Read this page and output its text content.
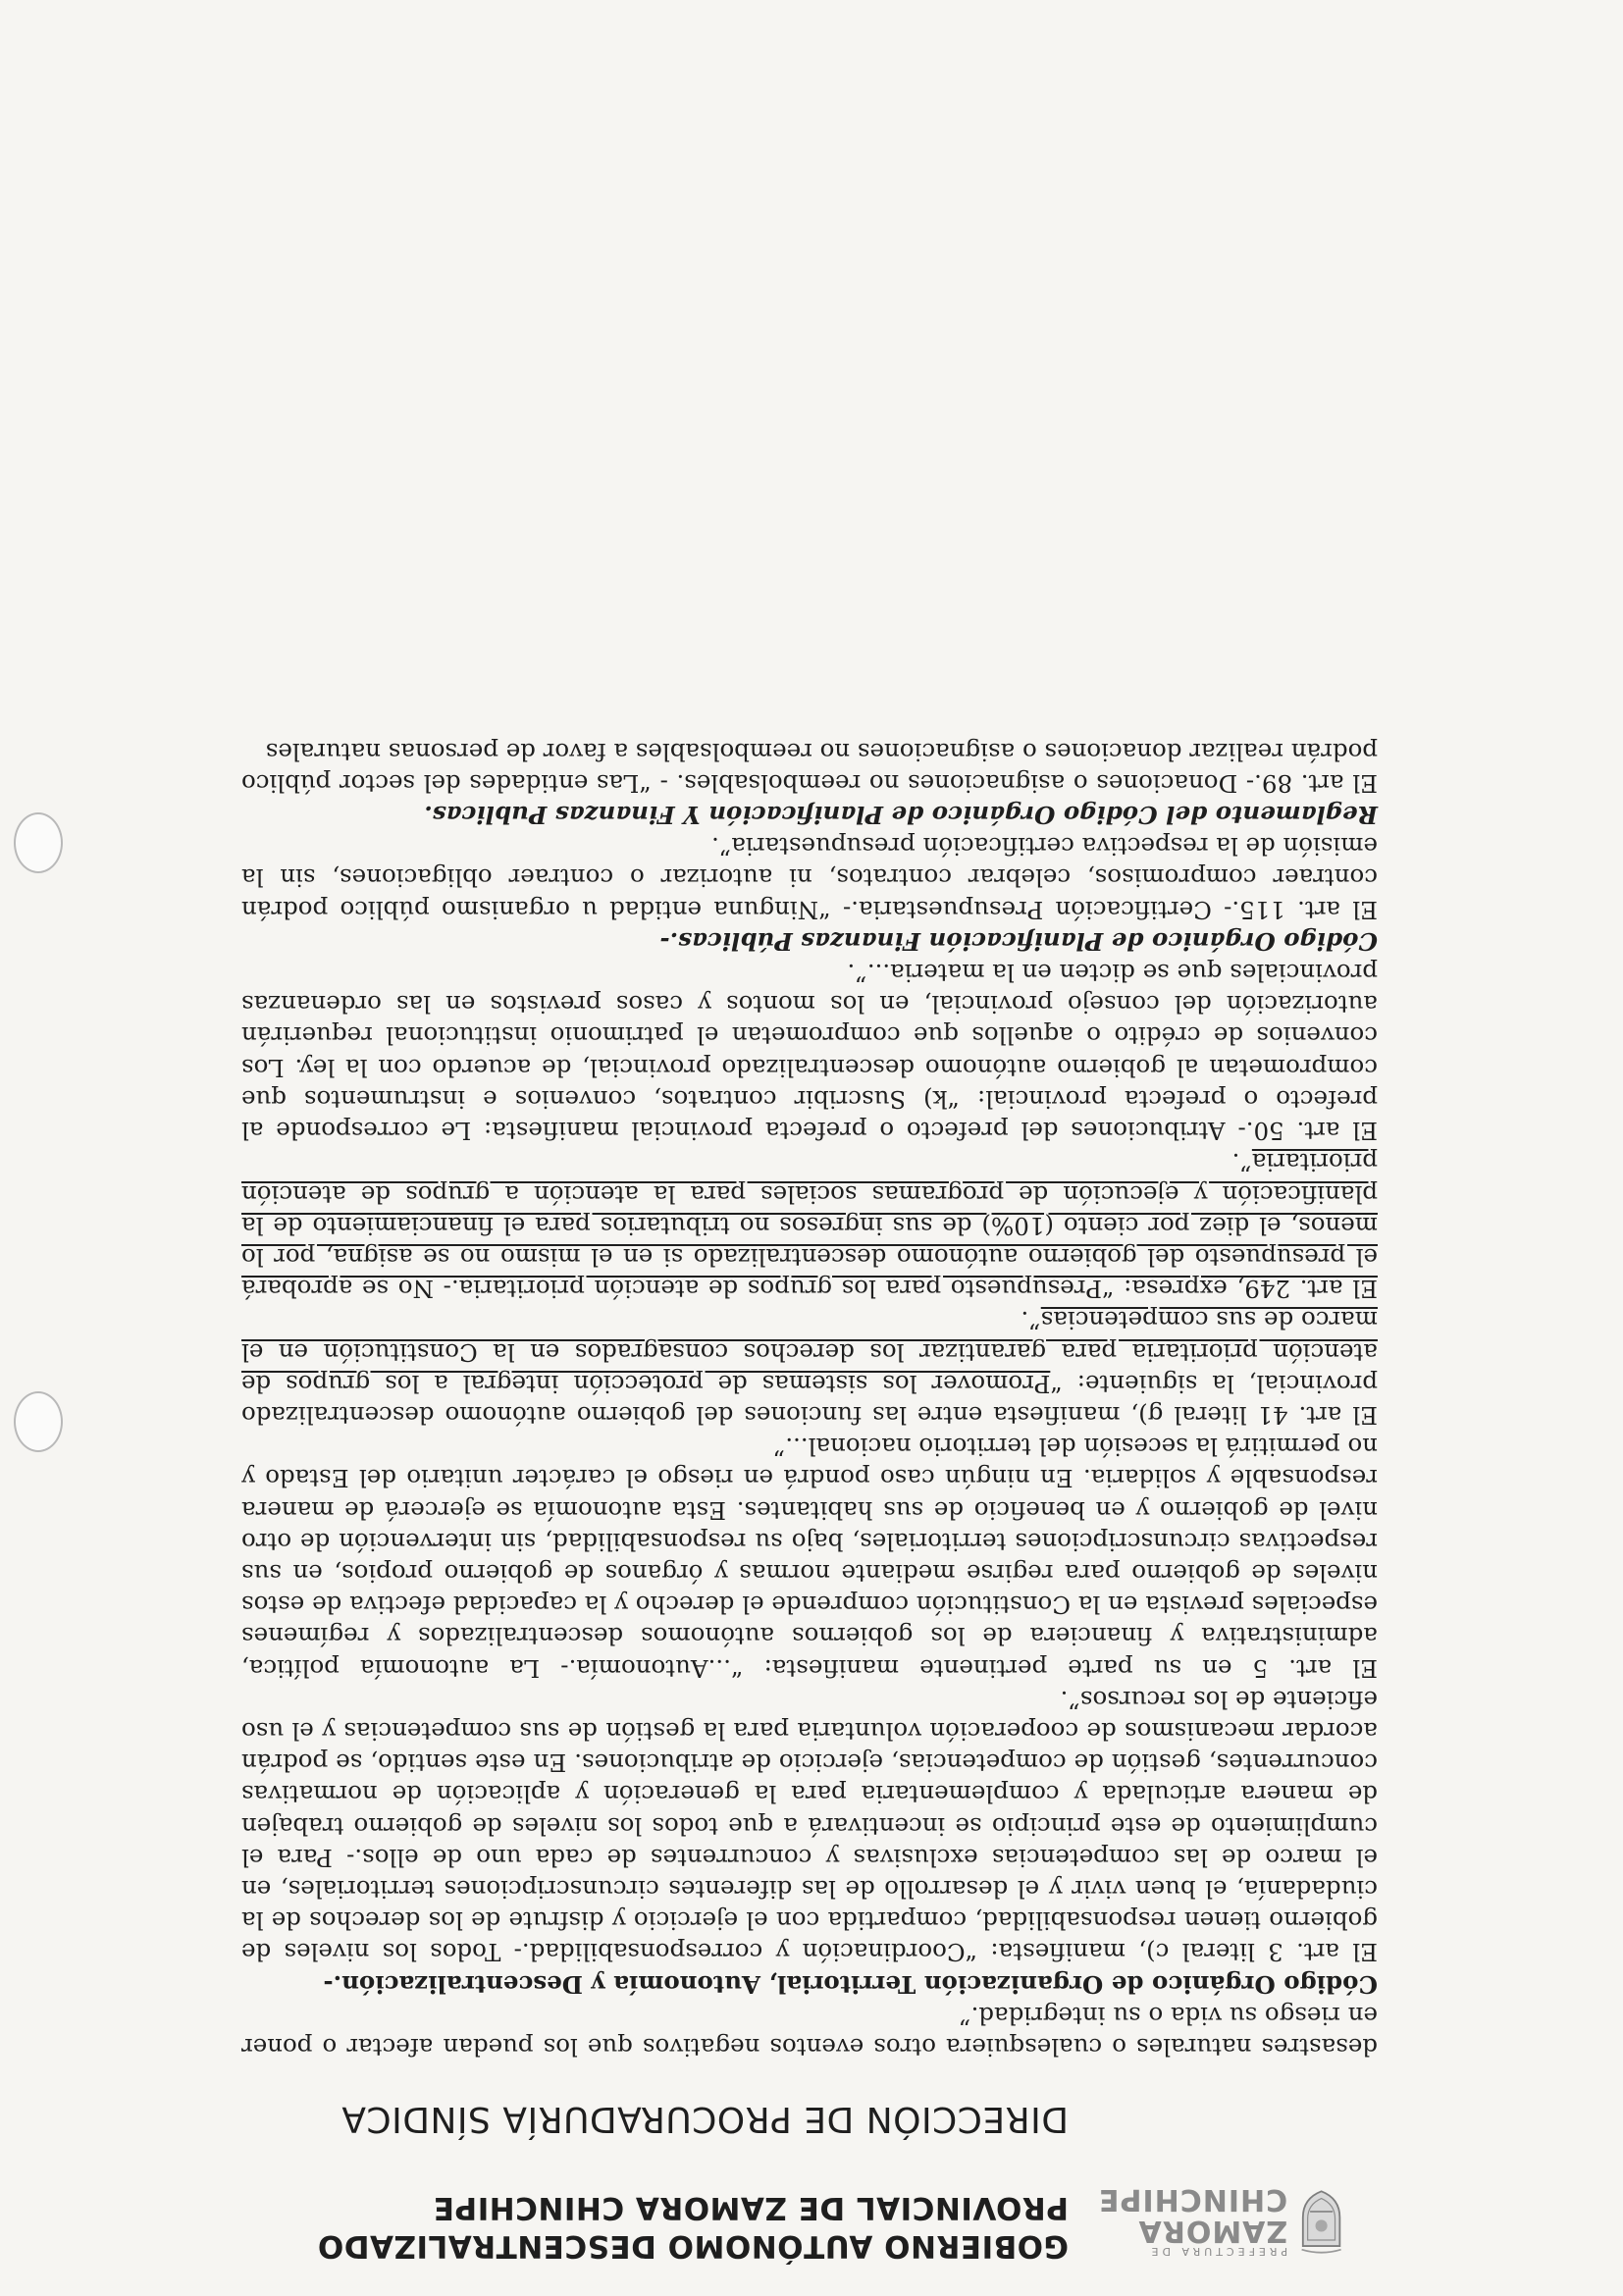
PREFECTURA DE
ZAMORA
CHINCHIPE
GOBIERNO AUTÓNOMO DESCENTRALIZADO
PROVINCIAL DE ZAMORA CHINCHIPE
DIRECCIÓN DE PROCURADURÍA SÍNDICA

desastres naturales o cualesquiera otros eventos negativos que los puedan afectar o poner en riesgo su vida o su integridad.”

Código Orgánico de Organización Territorial, Autonomía y Descentralización.-

El art. 3 literal c), manifiesta: “Coordinación y corresponsabilidad.- Todos los niveles de gobierno tienen responsabilidad, compartida con el ejercicio y disfrute de los derechos de la ciudadanía, el buen vivir y el desarrollo de las diferentes circunscripciones territoriales, en el marco de las competencias exclusivas y concurrentes de cada uno de ellos.- Para el cumplimiento de este principio se incentivará a que todos los niveles de gobierno trabajen de manera articulada y complementaria para la generación y aplicación de normativas concurrentes, gestión de competencias, ejercicio de atribuciones. En este sentido, se podrán acordar mecanismos de cooperación voluntaria para la gestión de sus competencias y el uso eficiente de los recursos”.

El art. 5 en su parte pertinente manifiesta: “...Autonomía.- La autonomía política, administrativa y financiera de los gobiernos autónomos descentralizados y regímenes especiales prevista en la Constitución comprende el derecho y la capacidad efectiva de estos niveles de gobierno para regirse mediante normas y órganos de gobierno propios, en sus respectivas circunscripciones territoriales, bajo su responsabilidad, sin intervención de otro nivel de gobierno y en beneficio de sus habitantes. Esta autonomía se ejercerá de manera responsable y solidaria. En ningún caso pondrá en riesgo el carácter unitario del Estado y no permitirá la secesión del territorio nacional...”

El art. 41 literal g), manifiesta entre las funciones del gobierno autónomo descentralizado provincial, la siguiente: “Promover los sistemas de protección integral a los grupos de atención prioritaria para garantizar los derechos consagrados en la Constitución en el marco de sus competencias”.

El art. 249, expresa: “Presupuesto para los grupos de atención prioritaria.- No se aprobará el presupuesto del gobierno autónomo descentralizado si en el mismo no se asigna, por lo menos, el diez por ciento (10%) de sus ingresos no tributarios para el financiamiento de la planificación y ejecución de programas sociales para la atención a grupos de atención prioritaria”.

El art. 50.- Atribuciones del prefecto o prefecta provincial manifiesta: Le corresponde al prefecto o prefecta provincial: “k) Suscribir contratos, convenios e instrumentos que comprometan al gobierno autónomo descentralizado provincial, de acuerdo con la ley. Los convenios de crédito o aquellos que comprometan el patrimonio institucional requerirán autorización del consejo provincial, en los montos y casos previstos en las ordenanzas provinciales que se dicten en la materia...”.

Código Orgánico de Planificación Finanzas Públicas.-

El art. 115.- Certificación Presupuestaria.- “Ninguna entidad u organismo público podrán contraer compromisos, celebrar contratos, ni autorizar o contraer obligaciones, sin la emisión de la respectiva certificación presupuestaria”.

Reglamento del Código Orgánico de Planificación Y Finanzas Publicas.

El art. 89.- Donaciones o asignaciones no reembolsables. - “Las entidades del sector público podrán realizar donaciones o asignaciones no reembolsables a favor de personas naturales
